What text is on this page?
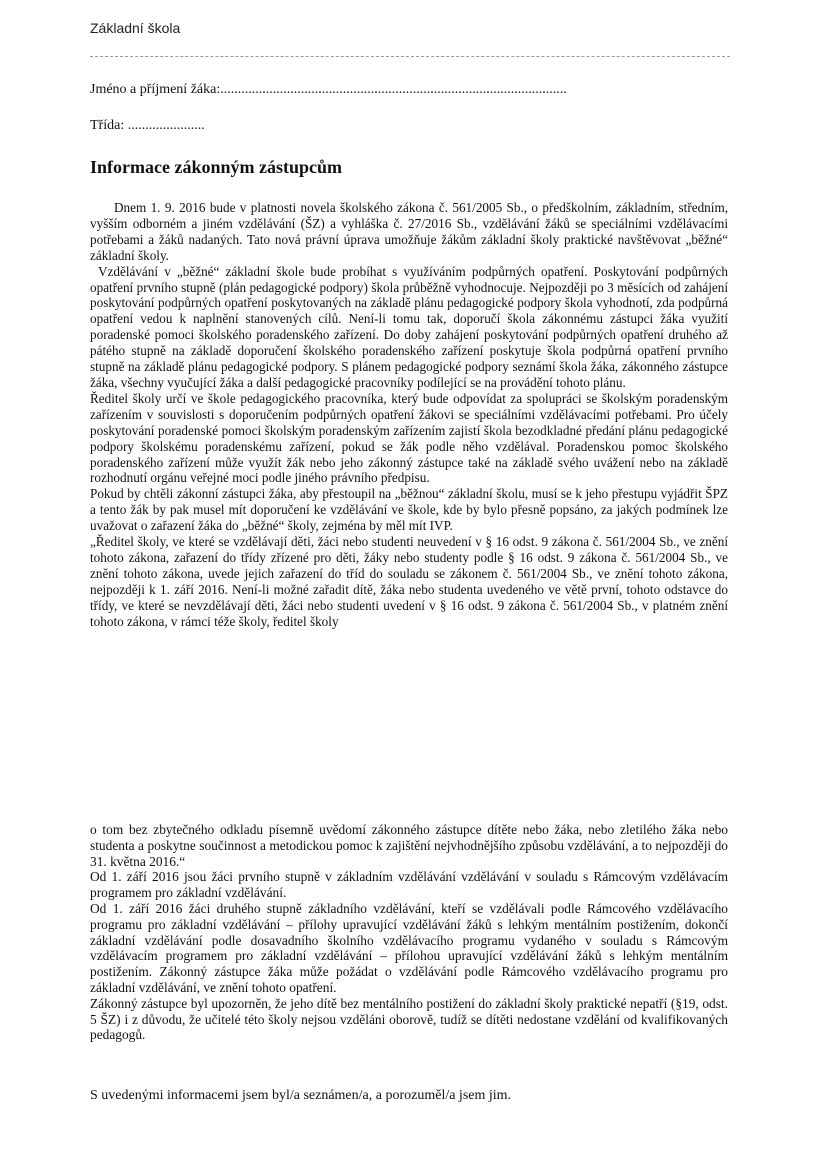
Základní škola
Jméno a příjmení žáka:...................................................................................................
Třída: ......................
Informace zákonným zástupcům

Dnem 1. 9. 2016 bude v platnosti novela školského zákona č. 561/2005 Sb., o předškolním, základním, středním, vyšším odborném a jiném vzdělávání (ŠZ) a vyhláška č. 27/2016 Sb., vzdělávání žáků se speciálními vzdělávacími potřebami a žáků nadaných. Tato nová právní úprava umožňuje žákům základní školy praktické navštěvovat „běžné“ základní školy.

Vzdělávání v „běžné“ základní škole bude probíhat s využíváním podpůrných opatření. Poskytování podpůrných opatření prvního stupně (plán pedagogické podpory) škola průběžně vyhodnocuje. Nejpozději po 3 měsících od zahájení poskytování podpůrných opatření poskytovaných na základě plánu pedagogické podpory škola vyhodnotí, zda podpůrná opatření vedou k naplnění stanovených cílů. Není-li tomu tak, doporučí škola zákonnému zástupci žáka využití poradenské pomoci školského poradenského zařízení. Do doby zahájení poskytování podpůrných opatření druhého až pátého stupně na základě doporučení školského poradenského zařízení poskytuje škola podpůrná opatření prvního stupně na základě plánu pedagogické podpory. S plánem pedagogické podpory seznámí škola žáka, zákonného zástupce žáka, všechny vyučující žáka a další pedagogické pracovníky podílející se na provádění tohoto plánu.

Ředitel školy určí ve škole pedagogického pracovníka, který bude odpovídat za spolupráci se školským poradenským zařízením v souvislosti s doporučením podpůrných opatření žákovi se speciálními vzdělávacími potřebami. Pro účely poskytování poradenské pomoci školským poradenským zařízením zajistí škola bezodkladné předání plánu pedagogické podpory školskému poradenskému zařízení, pokud se žák podle něho vzdělával. Poradenskou pomoc školského poradenského zařízení může využít žák nebo jeho zákonný zástupce také na základě svého uvážení nebo na základě rozhodnutí orgánu veřejné moci podle jiného právního předpisu.

Pokud by chtěli zákonní zástupci žáka, aby přestoupil na „běžnou“ základní školu, musí se k jeho přestupu vyjádřit ŠPZ a tento žák by pak musel mít doporučení ke vzdělávání ve škole, kde by bylo přesně popsáno, za jakých podmínek lze uvažovat o zařazení žáka do „běžné“ školy, zejména by měl mít IVP.

„Ředitel školy, ve které se vzdělávají děti, žáci nebo studenti neuvedení v § 16 odst. 9 zákona č. 561/2004 Sb., ve znění tohoto zákona, zařazení do třídy zřízené pro děti, žáky nebo studenty podle § 16 odst. 9 zákona č. 561/2004 Sb., ve znění tohoto zákona, uvede jejich zařazení do tříd do souladu se zákonem č. 561/2004 Sb., ve znění tohoto zákona, nejpozději k 1. září 2016. Není-li možné zařadit dítě, žáka nebo studenta uvedeného ve větě první, tohoto odstavce do třídy, ve které se nevzdělávají děti, žáci nebo studenti uvedení v § 16 odst. 9 zákona č. 561/2004 Sb., v platném znění tohoto zákona, v rámci téže školy, ředitel školy

o tom bez zbytečného odkladu písemně uvědomí zákonného zástupce dítěte nebo žáka, nebo zletilého žáka nebo studenta a poskytne součinnost a metodickou pomoc k zajištění nejvhodnějšího způsobu vzdělávání, a to nejpozději do 31. května 2016.“

Od 1. září 2016 jsou žáci prvního stupně v základním vzdělávání vzdělávání v souladu s Rámcovým vzdělávacím programem pro základní vzdělávání.

Od 1. září 2016 žáci druhého stupně základního vzdělávání, kteří se vzdělávali podle Rámcového vzdělávacího programu pro základní vzdělávání – přílohy upravující vzdělávání žáků s lehkým mentálním postižením, dokončí základní vzdělávání podle dosavadního školního vzdělávacího programu vydaného v souladu s Rámcovým vzdělávacím programem pro základní vzdělávání – přílohou upravující vzdělávání žáků s lehkým mentálním postižením. Zákonný zástupce žáka může požádat o vzdělávání podle Rámcového vzdělávacího programu pro základní vzdělávání, ve znění tohoto opatření.

Zákonný zástupce byl upozorněn, že jeho dítě bez mentálního postižení do základní školy praktické nepatří (§19, odst. 5 ŠZ) i z důvodu, že učitelé této školy nejsou vzděláni oborově, tudíž se dítěti nedostane vzdělání od kvalifikovaných pedagogů.

S uvedenými informacemi jsem byl/a seznámen/a, a porozuměl/a jsem jim.
